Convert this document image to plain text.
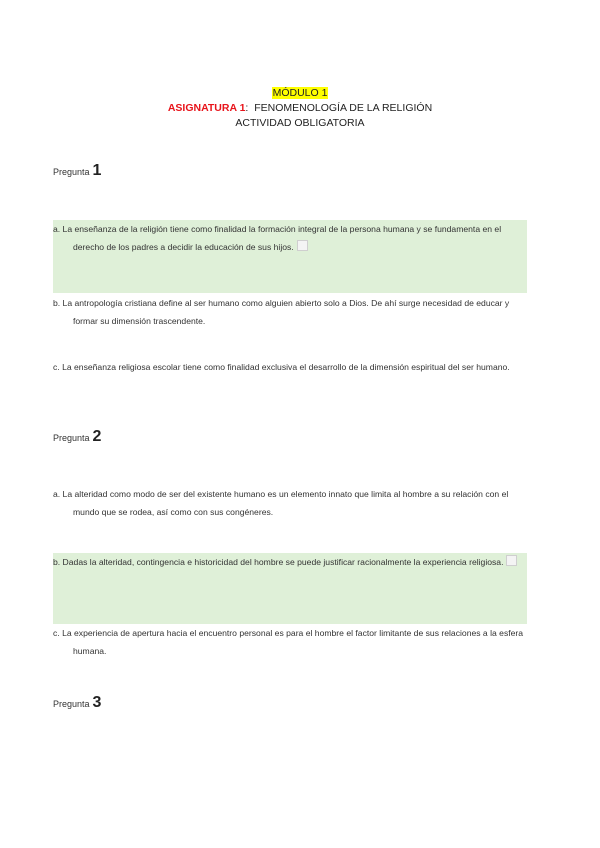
MÓDULO 1
ASIGNATURA 1: FENOMENOLOGÍA DE LA RELIGIÓN
ACTIVIDAD OBLIGATORIA
Pregunta 1
a. La enseñanza de la religión tiene como finalidad la formación integral de la persona humana y se fundamenta en el derecho de los padres a decidir la educación de sus hijos.
b. La antropología cristiana define al ser humano como alguien abierto solo a Dios. De ahí surge necesidad de educar y formar su dimensión trascendente.
c. La enseñanza religiosa escolar tiene como finalidad exclusiva el desarrollo de la dimensión espiritual del ser humano.
Pregunta 2
a. La alteridad como modo de ser del existente humano es un elemento innato que limita al hombre a su relación con el mundo que se rodea, así como con sus congéneres.
b. Dadas la alteridad, contingencia e historicidad del hombre se puede justificar racionalmente la experiencia religiosa.
c. La experiencia de apertura hacia el encuentro personal es para el hombre el factor limitante de sus relaciones a la esfera humana.
Pregunta 3
